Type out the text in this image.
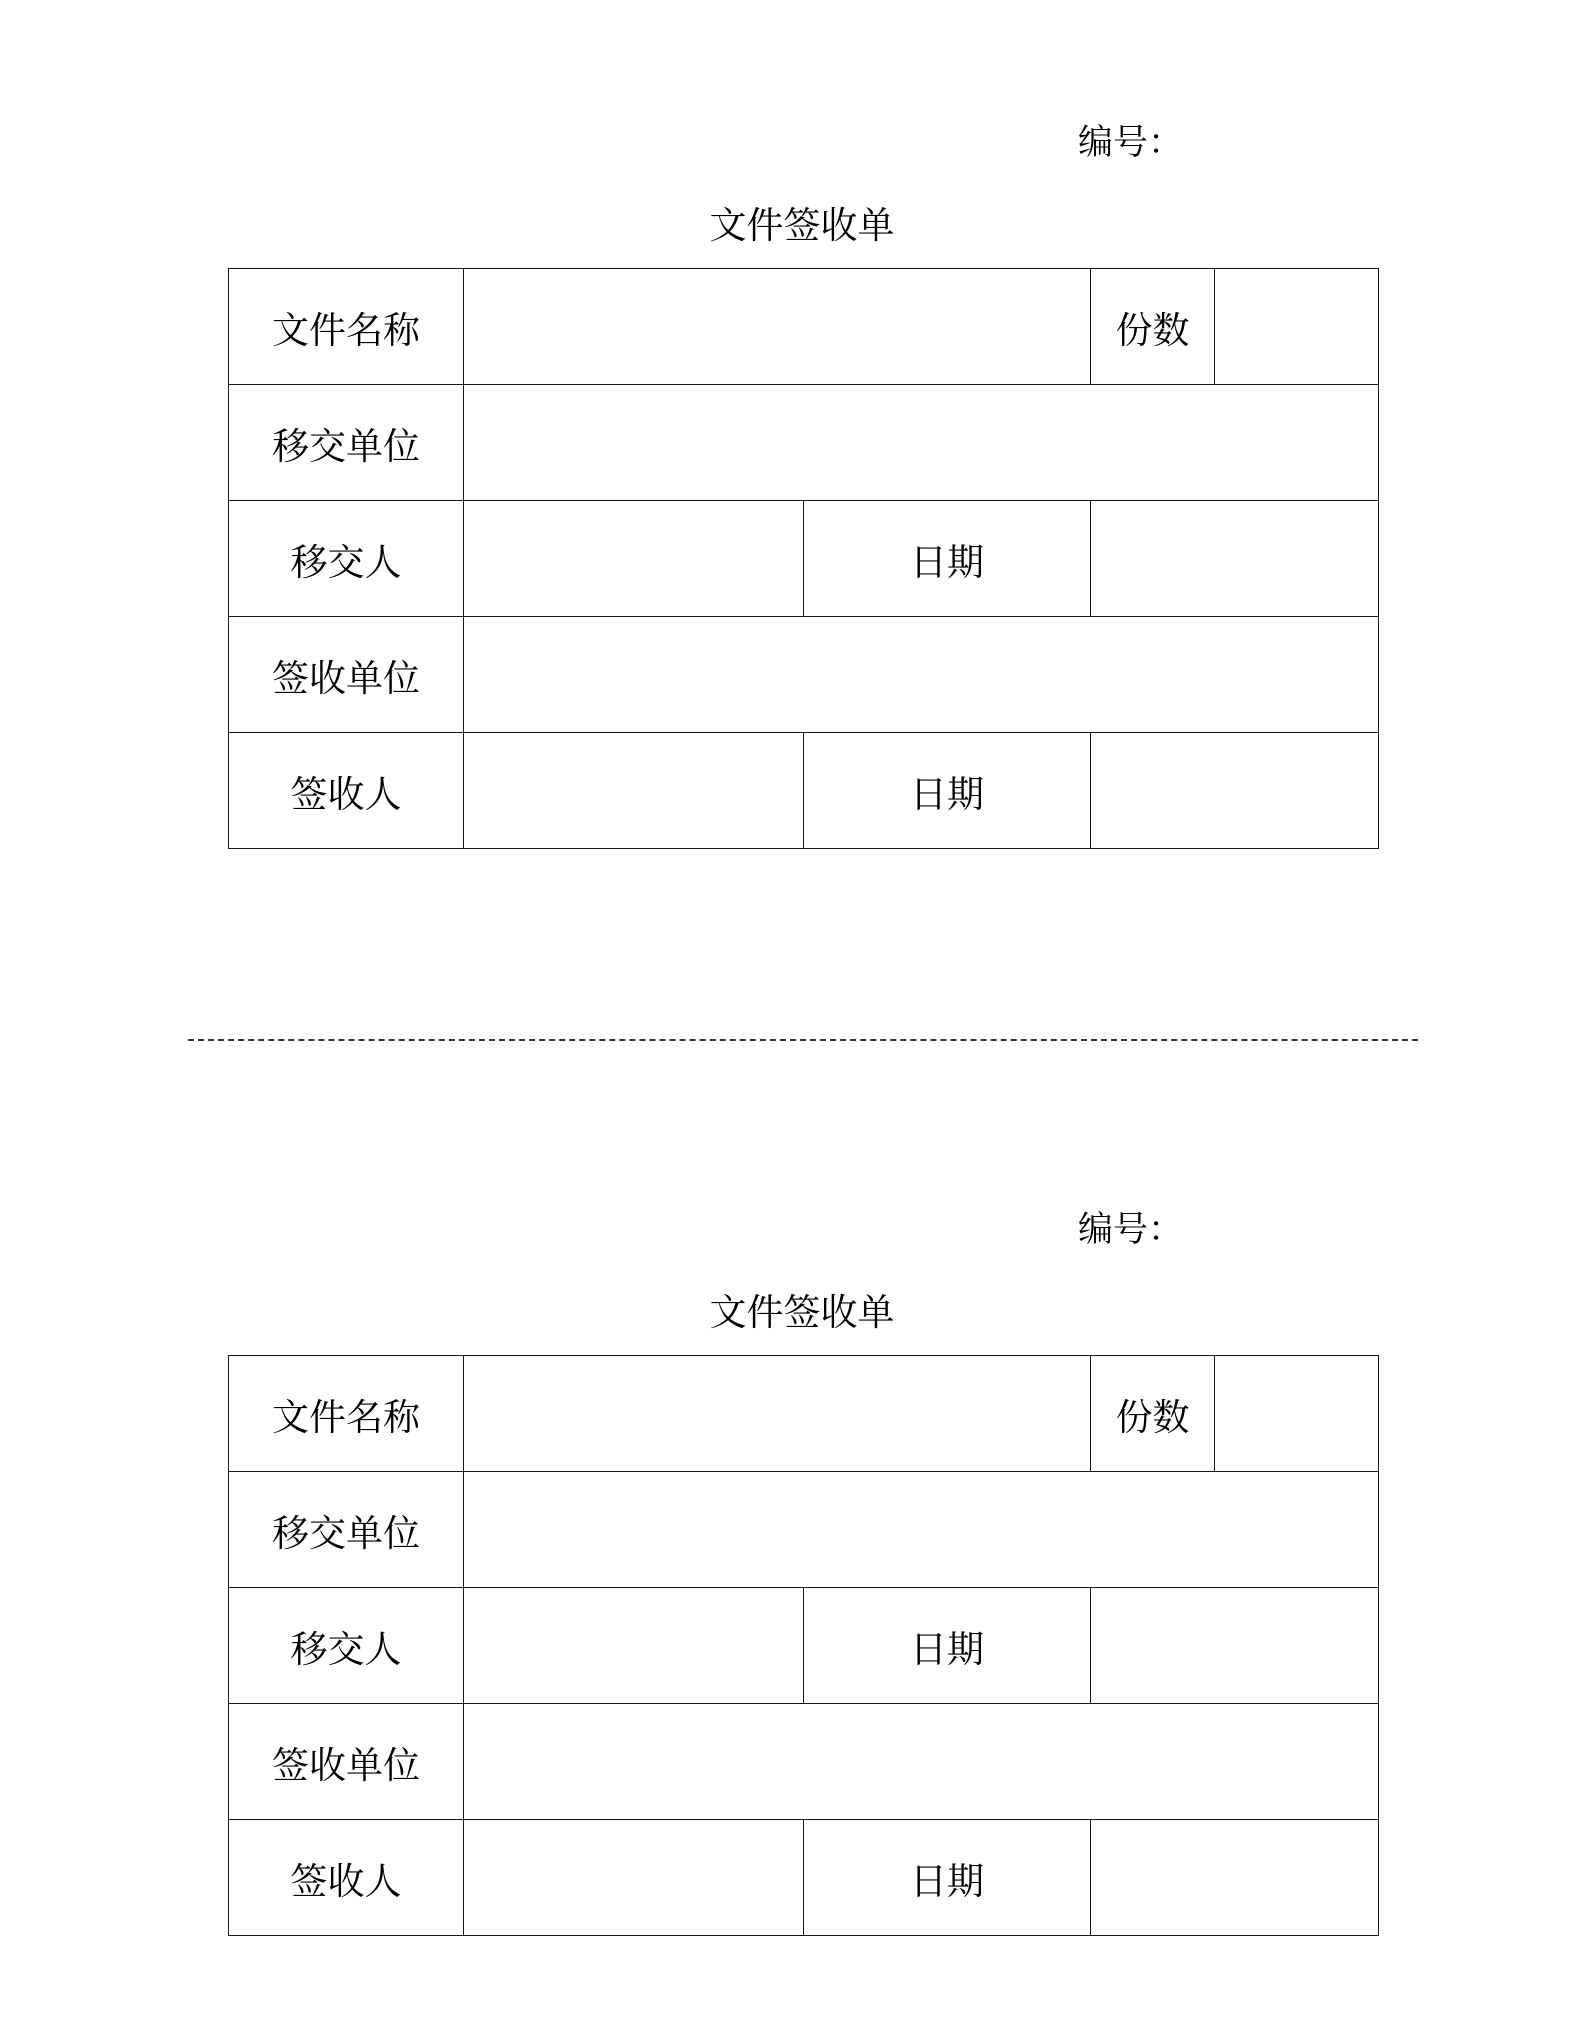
编号：
文件签收单
文件名称			份数	
移交单位				
移交人		日期		
签收单位				
签收人		日期		
编号：
文件签收单
文件名称			份数	
移交单位				
移交人		日期		
签收单位				
签收人		日期		
